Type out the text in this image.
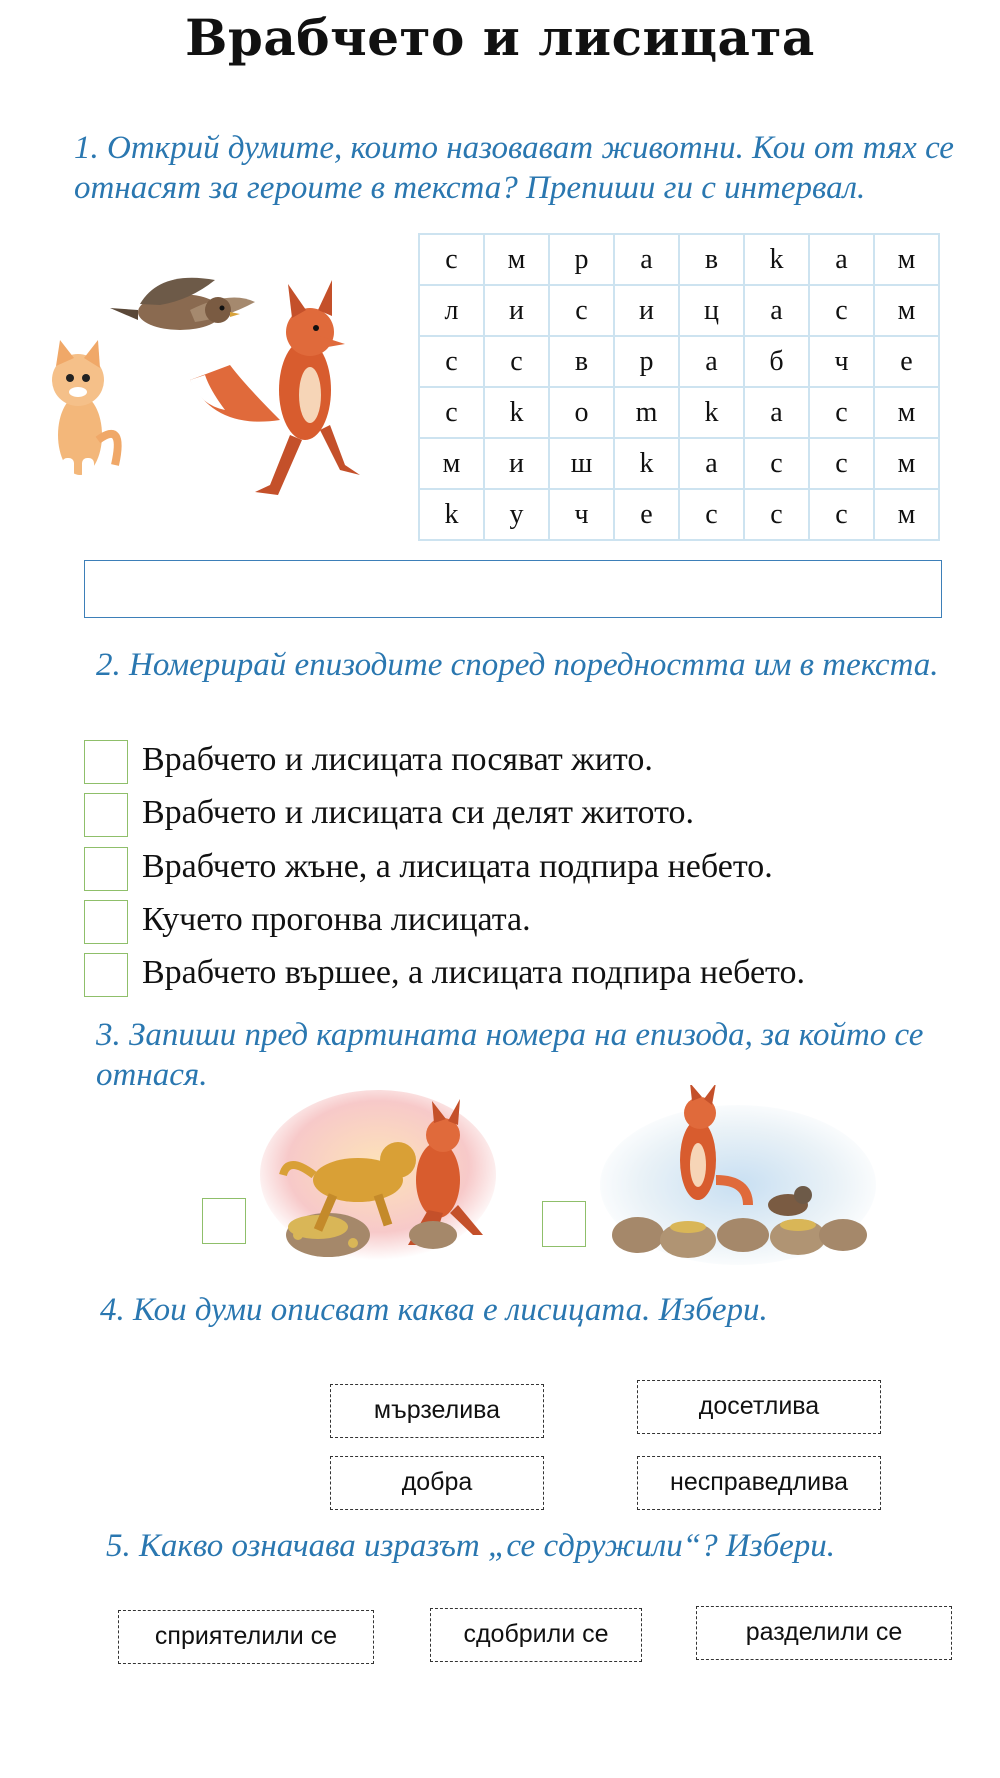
Врабчето и лисицата
1. Открий думите, които назовават животни. Кои от тях се отнасят за героите в текста? Препиши ги с интервал.
с	м	р	а	в	k	а	м
л	и	с	и	ц	а	с	м
с	с	в	р	а	б	ч	е
с	k	о	m	k	а	с	м
м	и	ш	k	а	с	с	м
k	у	ч	е	с	с	с	м
2. Номерирай епизодите според поредността им в текста.
Врабчето и лисицата посяват жито.
Врабчето и лисицата си делят житото.
Врабчето жъне, а лисицата подпира небето.
Кучето прогонва лисицата.
Врабчето вършее, а лисицата подпира небето.
3. Запиши пред картината номера на епизода, за който се отнася.
4. Кои думи описват каква е лисицата. Избери.
мързелива	досетлива
добра	несправедлива
5. Какво означава изразът „се сдружили“? Избери.
сприятелили се	сдобрили се	разделили се
